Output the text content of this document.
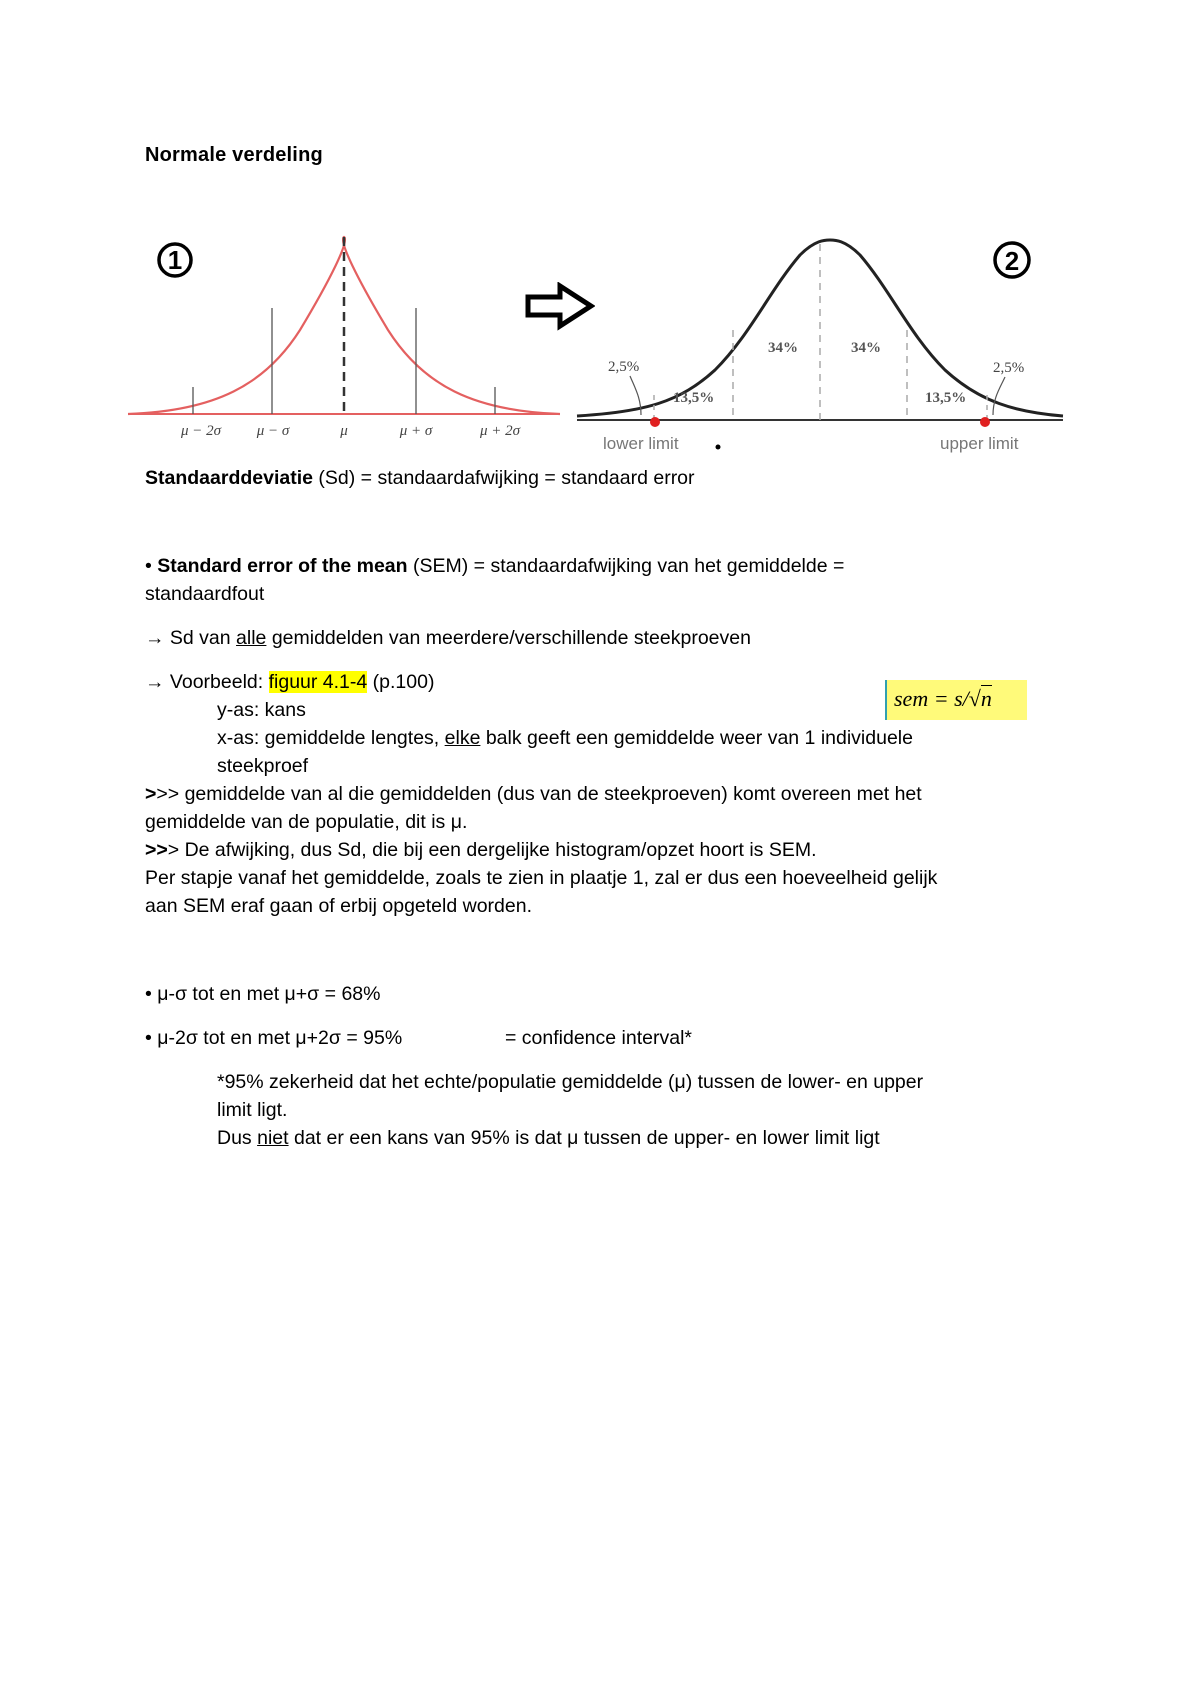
Normale verdeling
1
μ − 2σ μ − σ	μ	μ + σ	μ + 2σ
2
2,5%
13,5%
34%	34%
13,5%
2,5%
lower limit	upper limit
Standaarddeviatie (Sd) = standaardafwijking = standaard error
• Standard error of the mean (SEM) = standaardafwijking van het gemiddelde =
standaardfout
→ Sd van alle gemiddelden van meerdere/verschillende steekproeven
→ Voorbeeld: figuur 4.1-4 (p.100)
sem = s/√n
y-as: kans
x-as: gemiddelde lengtes, elke balk geeft een gemiddelde weer van 1 individuele
steekproef
>>> gemiddelde van al die gemiddelden (dus van de steekproeven) komt overeen met het
gemiddelde van de populatie, dit is μ.
>>> De afwijking, dus Sd, die bij een dergelijke histogram/opzet hoort is SEM.
Per stapje vanaf het gemiddelde, zoals te zien in plaatje 1, zal er dus een hoeveelheid gelijk
aan SEM eraf gaan of erbij opgeteld worden.
• μ-σ tot en met μ+σ = 68%
• μ-2σ tot en met μ+2σ = 95%	= confidence interval*
*95% zekerheid dat het echte/populatie gemiddelde (μ) tussen de lower- en upper
limit ligt.
Dus niet dat er een kans van 95% is dat μ tussen de upper- en lower limit ligt
